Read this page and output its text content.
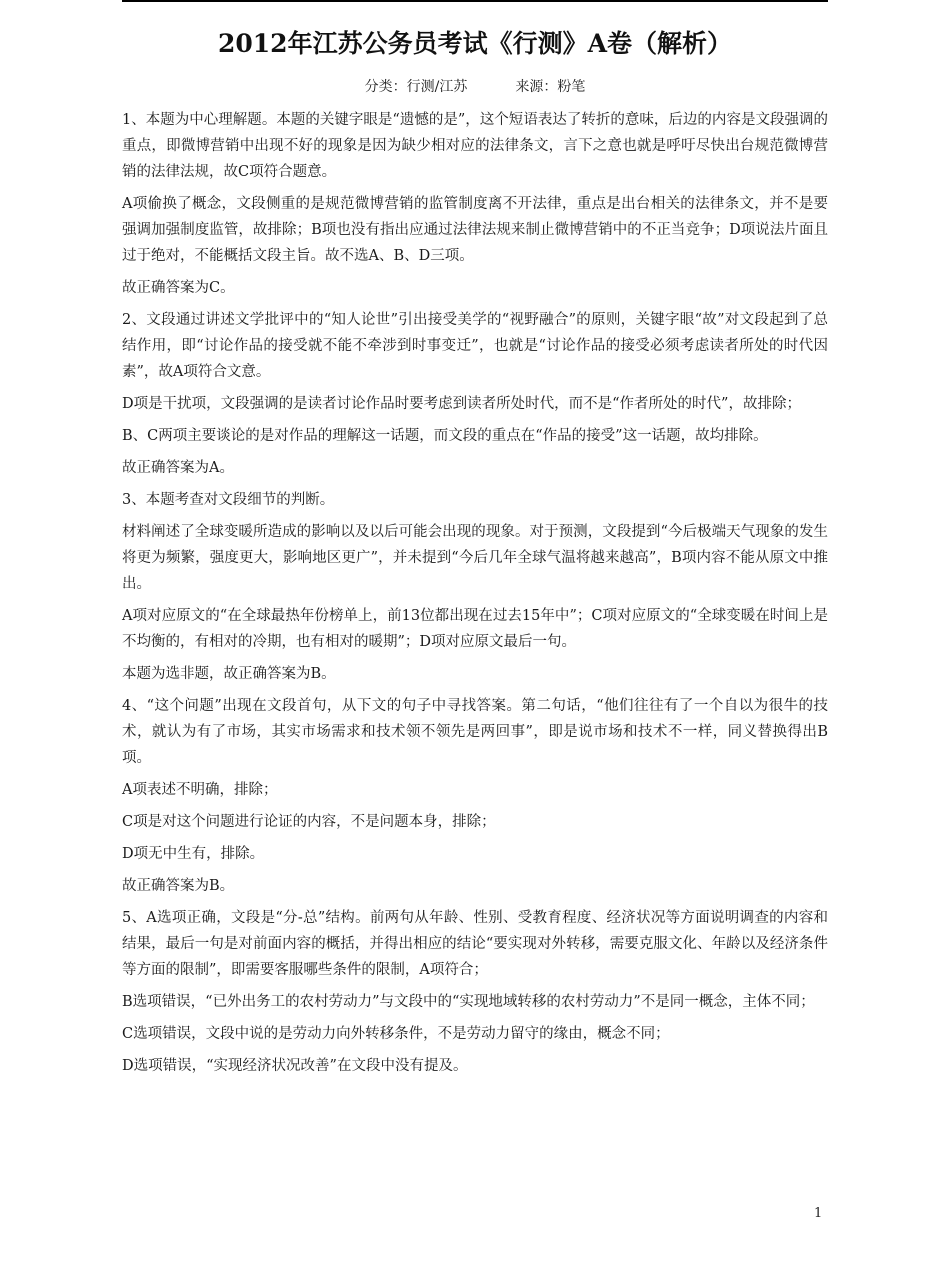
2012年江苏公务员考试《行测》A卷（解析）
分类：行测/江苏	来源：粉笔

1、本题为中心理解题。本题的关键字眼是“遗憾的是”，这个短语表达了转折的意味，后边的内容是文段强调的重点，即微博营销中出现不好的现象是因为缺少相对应的法律条文，言下之意也就是呼吁尽快出台规范微博营销的法律法规，故C项符合题意。

A项偷换了概念，文段侧重的是规范微博营销的监管制度离不开法律，重点是出台相关的法律条文，并不是要强调加强制度监管，故排除；B项也没有指出应通过法律法规来制止微博营销中的不正当竞争；D项说法片面且过于绝对，不能概括文段主旨。故不选A、B、D三项。

故正确答案为C。

2、文段通过讲述文学批评中的“知人论世”引出接受美学的“视野融合”的原则，关键字眼“故”对文段起到了总结作用，即“讨论作品的接受就不能不牵涉到时事变迁”，也就是“讨论作品的接受必须考虑读者所处的时代因素”，故A项符合文意。

D项是干扰项，文段强调的是读者讨论作品时要考虑到读者所处时代，而不是“作者所处的时代”，故排除；

B、C两项主要谈论的是对作品的理解这一话题，而文段的重点在“作品的接受”这一话题，故均排除。

故正确答案为A。

3、本题考查对文段细节的判断。

材料阐述了全球变暖所造成的影响以及以后可能会出现的现象。对于预测，文段提到“今后极端天气现象的发生将更为频繁，强度更大，影响地区更广”，并未提到“今后几年全球气温将越来越高”，B项内容不能从原文中推出。

A项对应原文的“在全球最热年份榜单上，前13位都出现在过去15年中”；C项对应原文的“全球变暖在时间上是不均衡的，有相对的冷期，也有相对的暖期”；D项对应原文最后一句。

本题为选非题，故正确答案为B。

4、“这个问题”出现在文段首句，从下文的句子中寻找答案。第二句话，“他们往往有了一个自以为很牛的技术，就认为有了市场，其实市场需求和技术领不领先是两回事”，即是说市场和技术不一样，同义替换得出B项。

A项表述不明确，排除；

C项是对这个问题进行论证的内容，不是问题本身，排除；

D项无中生有，排除。

故正确答案为B。

5、A选项正确，文段是“分-总”结构。前两句从年龄、性别、受教育程度、经济状况等方面说明调查的内容和结果，最后一句是对前面内容的概括，并得出相应的结论“要实现对外转移，需要克服文化、年龄以及经济条件等方面的限制”，即需要客服哪些条件的限制，A项符合；

B选项错误，“已外出务工的农村劳动力”与文段中的“实现地域转移的农村劳动力”不是同一概念，主体不同；

C选项错误，文段中说的是劳动力向外转移条件，不是劳动力留守的缘由，概念不同；

D选项错误，“实现经济状况改善”在文段中没有提及。

1
